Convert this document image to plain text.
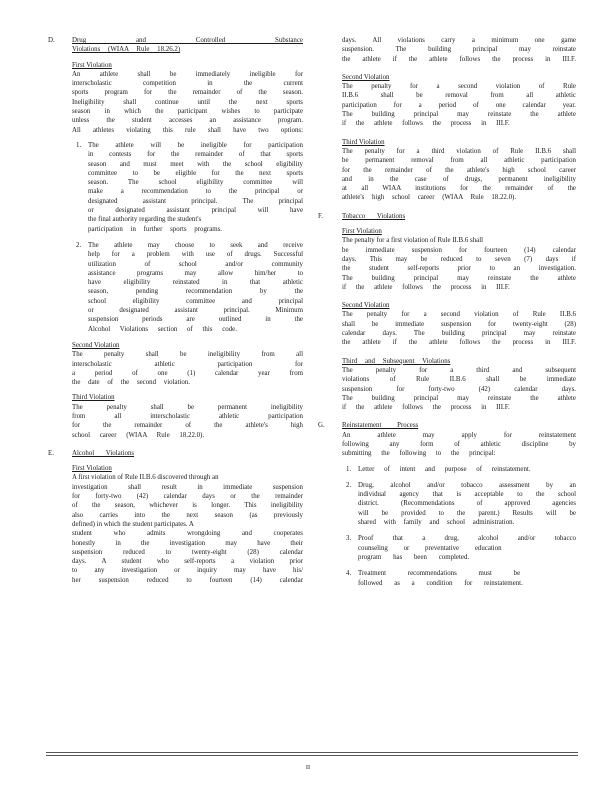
D.	Drug and Controlled Substance
Violations (WIAA Rule 18.26.2)
First Violation
An athlete shall be immediately ineligible for
interscholastic competition in the current
sports program for the remainder of the season.
Ineligibility shall continue until the next sports
season in which the participant wishes to participate
unless the student accesses an assistance program.
All athletes violating this rule shall have two options:
1. The athlete will be ineligible for participation
in contests for the remainder of that sports
season and must meet with the school eligibility
committee to be eligible for the next sports
season. The school eligibility committee will
make a recommendation to the principal or
designated assistant principal. The principal
or designated assistant principal will have
the final authority regarding the student's
participation in further sports programs.
2. The athlete may choose to seek and receive
help for a problem with use of drugs. Successful
utilization of school and/or community
assistance programs may allow him/her to
have eligibility reinstated in that athletic
season, pending recommendation by the
school eligibility committee and principal
or designated assistant principal. Minimum
suspension periods are outlined in the
Alcohol Violations section of this code.
Second Violation
The penalty shall be ineligibility from all
interscholastic athletic participation for
a period of one (1) calendar year from
the date of the second violation.
Third Violation
The penalty shall be permanent ineligibility
from all interscholastic athletic participation
for the remainder of the athlete's high
school career (WIAA Rule 18.22.0).
E.	Alcohol Violations
First Violation
A first violation of Rule II.B.6 discovered through an
investigation shall result in immediate suspension
for forty-two (42) calendar days or the remainder
of the season, whichever is longer. This ineligibility
also carries into the next season (as previously
defined) in which the student participates. A
student who admits wrongdoing and cooperates
honestly in the investigation may have their
suspension reduced to twenty-eight (28) calendar
days. A student who self-reports a violation prior
to any investigation or inquiry may have his/
her suspension reduced to fourteen (14) calendar
days. All violations carry a minimum one game
suspension. The building principal may reinstate
the athlete if the athlete follows the process in III.F.
Second Violation
The penalty for a second violation of Rule
II.B.6 shall be removal from all athletic
participation for a period of one calendar year.
The building principal may reinstate the athlete
if the athlete follows the process in III.F.
Third Violation
The penalty for a third violation of Rule II.B.6 shall
be permanent removal from all athletic participation
for the remainder of the athlete's high school career
and in the case of drugs, permanent ineligibility
at all WIAA institutions for the remainder of the
athlete's high school career (WIAA Rule 18.22.0).
F.	Tobacco Violations
First Violation
The penalty for a first violation of Rule II.B.6 shall
be immediate suspension for fourteen (14) calendar
days. This may be reduced to seven (7) days if
the student self-reports prior to an investigation.
The building principal may reinstate the athlete
if the athlete follows the process in III.F.
Second Violation
The penalty for a second violation of Rule II.B.6
shall be immediate suspension for twenty-eight (28)
calendar days. The building principal may reinstate
the athlete if the athlete follows the process in III.F.
Third and Subsequent Violations
The penalty for a third and subsequent
violations of Rule II.B.6 shall be immediate
suspension for forty-two (42) calendar days.
The building principal may reinstate the athlete
if the athlete follows the process in III.F.
G.	Reinstatement Process
An athlete may apply for reinstatement
following any form of athletic discipline by
submitting the following to the principal:
1. Letter of intent and purpose of reinstatement.
2. Drug, alcohol and/or tobacco assessment by an
individual agency that is acceptable to the school
district. (Recommendations of approved agencies
will be provided to the parent.) Results will be
shared with family and school administration.
3. Proof that a drug, alcohol and/or tobacco
counseling or preventative education
program has been completed.
4. Treatment recommendations must be
followed as a condition for reinstatement.
II
